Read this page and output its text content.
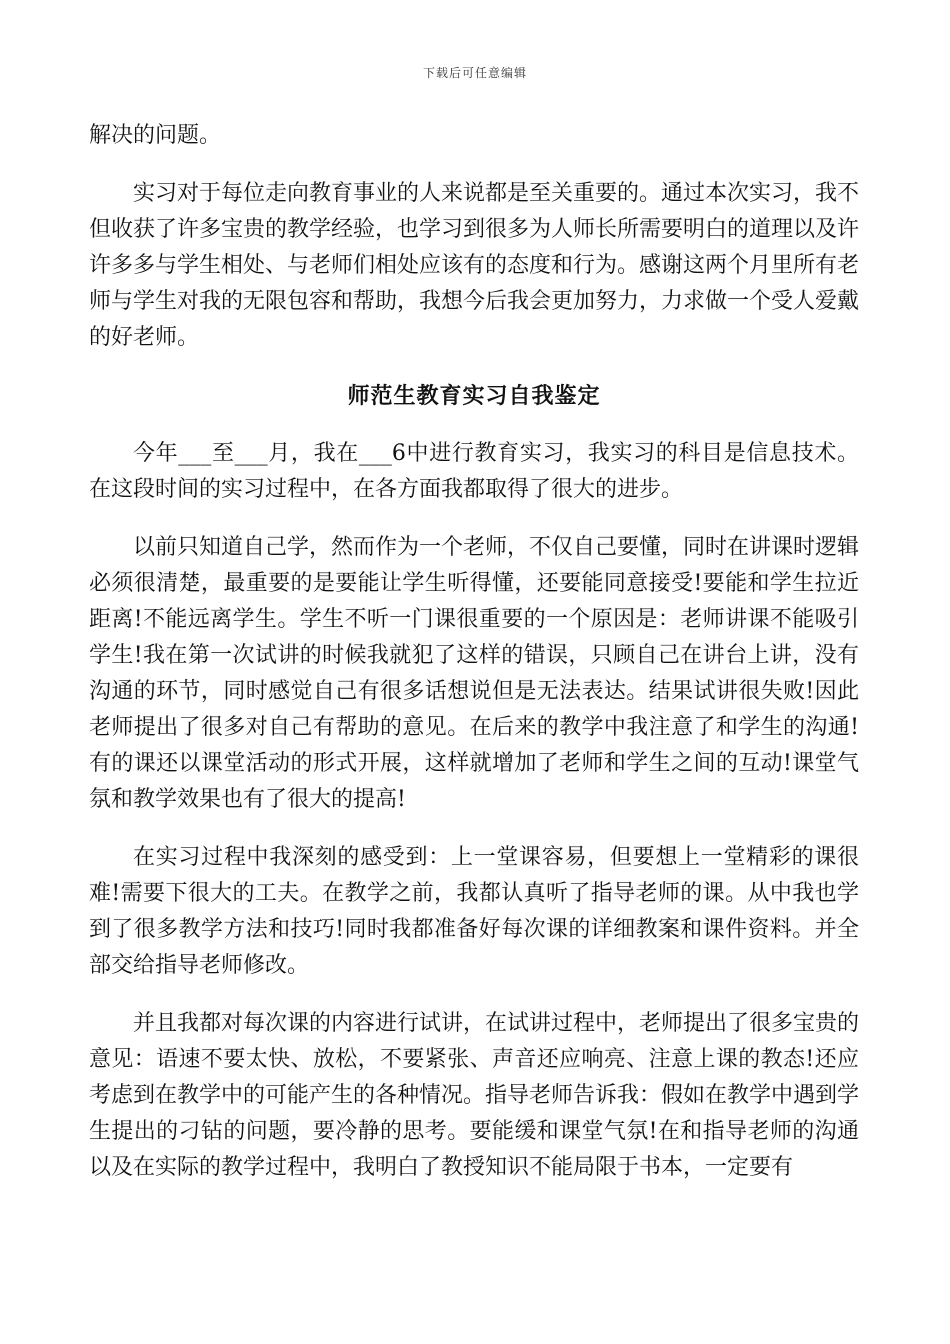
下载后可任意编辑

解决的问题。

实习对于每位走向教育事业的人来说都是至关重要的。通过本次实习，我不但收获了许多宝贵的教学经验，也学习到很多为人师长所需要明白的道理以及许许多多与学生相处、与老师们相处应该有的态度和行为。感谢这两个月里所有老师与学生对我的无限包容和帮助，我想今后我会更加努力，力求做一个受人爱戴的好老师。

师范生教育实习自我鉴定

今年___至___月，我在___6中进行教育实习，我实习的科目是信息技术。在这段时间的实习过程中，在各方面我都取得了很大的进步。

以前只知道自己学，然而作为一个老师，不仅自己要懂，同时在讲课时逻辑必须很清楚，最重要的是要能让学生听得懂，还要能同意接受!要能和学生拉近距离!不能远离学生。学生不听一门课很重要的一个原因是：老师讲课不能吸引学生!我在第一次试讲的时候我就犯了这样的错误，只顾自己在讲台上讲，没有沟通的环节，同时感觉自己有很多话想说但是无法表达。结果试讲很失败!因此老师提出了很多对自己有帮助的意见。在后来的教学中我注意了和学生的沟通!有的课还以课堂活动的形式开展，这样就增加了老师和学生之间的互动!课堂气氛和教学效果也有了很大的提高!

在实习过程中我深刻的感受到：上一堂课容易，但要想上一堂精彩的课很难!需要下很大的工夫。在教学之前，我都认真听了指导老师的课。从中我也学到了很多教学方法和技巧!同时我都准备好每次课的详细教案和课件资料。并全部交给指导老师修改。

并且我都对每次课的内容进行试讲，在试讲过程中，老师提出了很多宝贵的意见：语速不要太快、放松，不要紧张、声音还应响亮、注意上课的教态!还应考虑到在教学中的可能产生的各种情况。指导老师告诉我：假如在教学中遇到学生提出的刁钻的问题，要冷静的思考。要能缓和课堂气氛!在和指导老师的沟通以及在实际的教学过程中，我明白了教授知识不能局限于书本，一定要有
